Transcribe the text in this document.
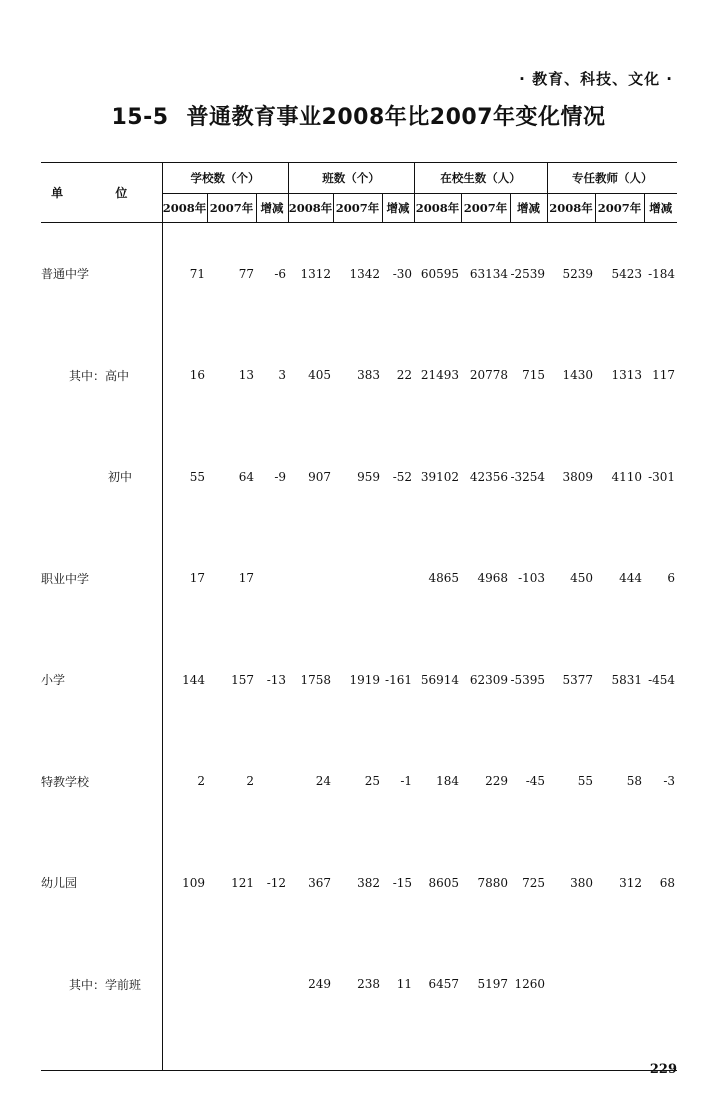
· 教育、科技、文化 ·
15-5 普通教育事业2008年比2007年变化情况
单 位	学校数（个）			班数（个）			在校生数（人）			专任教师（人）		
	2008年	2007年	增减	2008年	2007年	增减	2008年	2007年	增减	2008年	2007年	增减
普通中学	71	77	-6	1312	1342	-30	60595	63134	-2539	5239	5423	-184
其中：高中	16	13	3	405	383	22	21493	20778	715	1430	1313	117
初中	55	64	-9	907	959	-52	39102	42356	-3254	3809	4110	-301
职业中学	17	17					4865	4968	-103	450	444	6
小学	144	157	-13	1758	1919	-161	56914	62309	-5395	5377	5831	-454
特教学校	2	2		24	25	-1	184	229	-45	55	58	-3
幼儿园	109	121	-12	367	382	-15	8605	7880	725	380	312	68
其中：学前班				249	238	11	6457	5197	1260			

229
